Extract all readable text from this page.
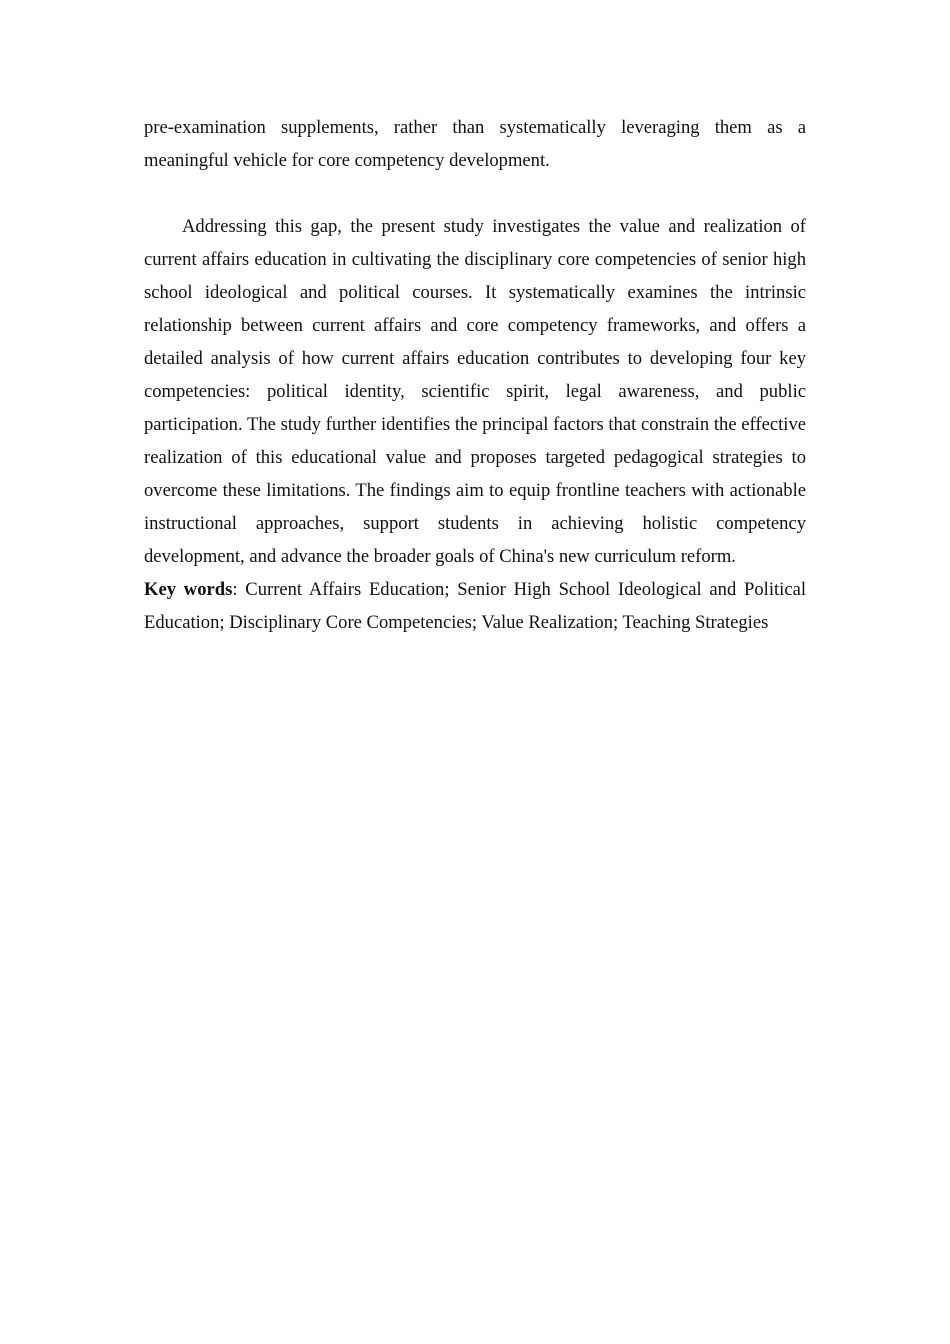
pre-examination supplements, rather than systematically leveraging them as a meaningful vehicle for core competency development.

Addressing this gap, the present study investigates the value and realization of current affairs education in cultivating the disciplinary core competencies of senior high school ideological and political courses. It systematically examines the intrinsic relationship between current affairs and core competency frameworks, and offers a detailed analysis of how current affairs education contributes to developing four key competencies: political identity, scientific spirit, legal awareness, and public participation. The study further identifies the principal factors that constrain the effective realization of this educational value and proposes targeted pedagogical strategies to overcome these limitations. The findings aim to equip frontline teachers with actionable instructional approaches, support students in achieving holistic competency development, and advance the broader goals of China's new curriculum reform.

Key words: Current Affairs Education; Senior High School Ideological and Political Education; Disciplinary Core Competencies; Value Realization; Teaching Strategies
